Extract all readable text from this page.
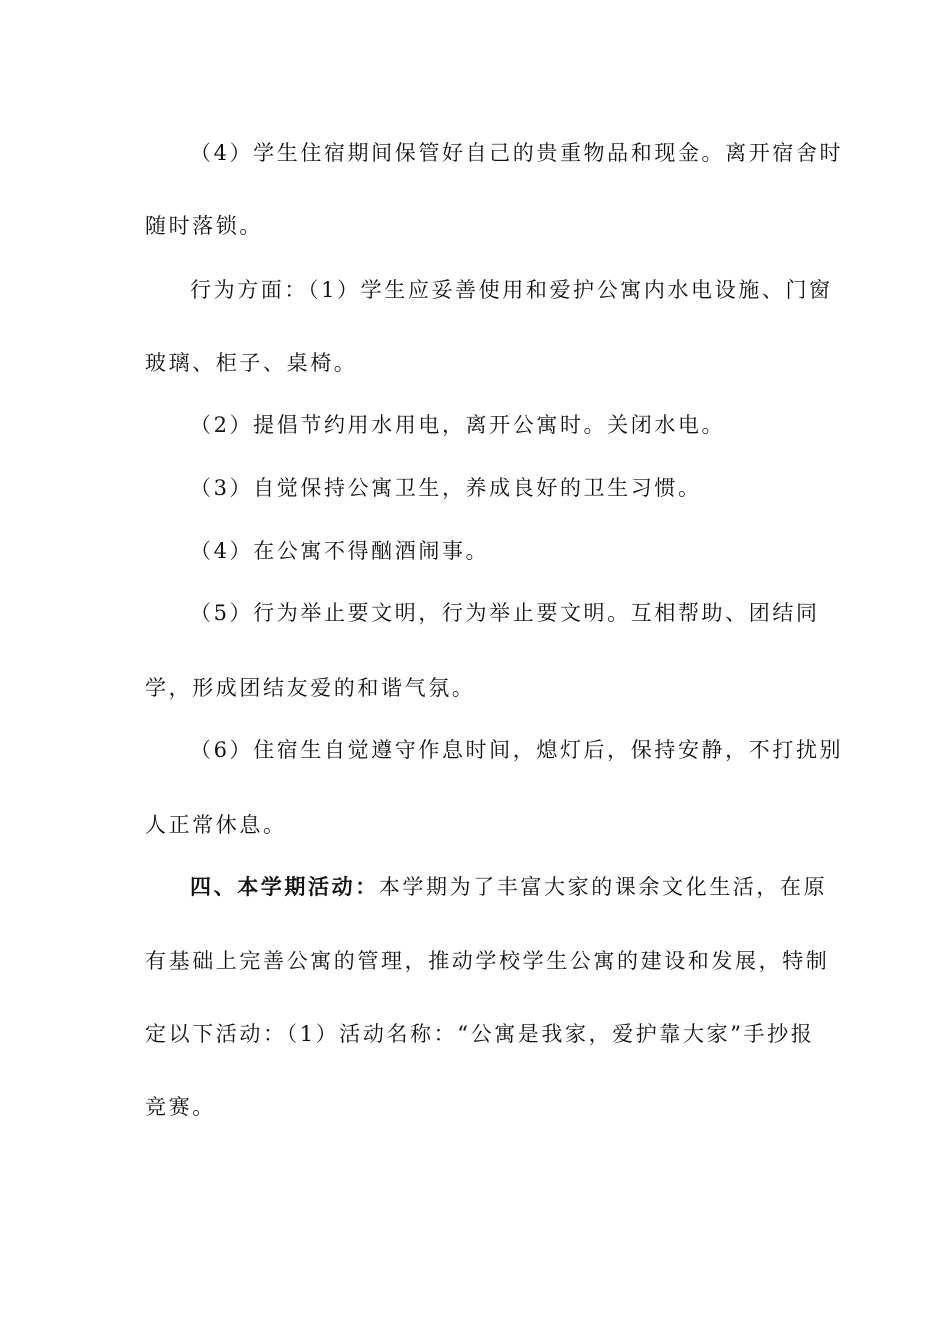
（4）学生住宿期间保管好自己的贵重物品和现金。离开宿舍时
随时落锁。
行为方面：（1）学生应妥善使用和爱护公寓内水电设施、门窗
玻璃、柜子、桌椅。
（2）提倡节约用水用电，离开公寓时。关闭水电。
（3）自觉保持公寓卫生，养成良好的卫生习惯。
（4）在公寓不得酗酒闹事。
（5）行为举止要文明，行为举止要文明。互相帮助、团结同
学，形成团结友爱的和谐气氛。
（6）住宿生自觉遵守作息时间，熄灯后，保持安静，不打扰别
人正常休息。
四、本学期活动：本学期为了丰富大家的课余文化生活，在原
有基础上完善公寓的管理，推动学校学生公寓的建设和发展，特制
定以下活动：（1）活动名称：“公寓是我家，爱护靠大家”手抄报
竞赛。
